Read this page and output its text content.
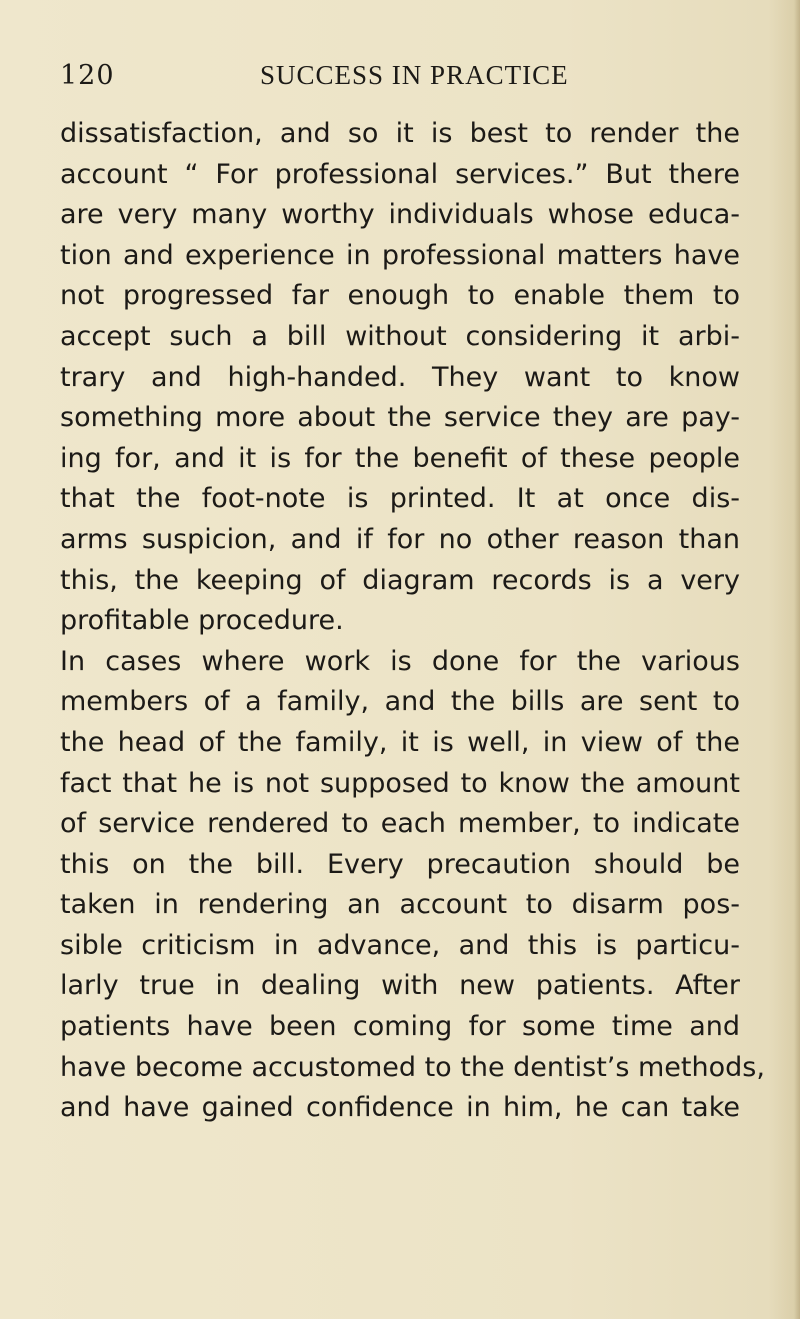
120	SUCCESS IN PRACTICE
dissatisfaction, and so it is best to render the
account “ For professional services.” But there
are very many worthy individuals whose educa-
tion and experience in professional matters have
not progressed far enough to enable them to
accept such a bill without considering it arbi-
trary and high-handed. They want to know
something more about the service they are pay-
ing for, and it is for the benefit of these people
that the foot-note is printed. It at once dis-
arms suspicion, and if for no other reason than
this, the keeping of diagram records is a very
profitable procedure.
In cases where work is done for the various
members of a family, and the bills are sent to
the head of the family, it is well, in view of the
fact that he is not supposed to know the amount
of service rendered to each member, to indicate
this on the bill. Every precaution should be
taken in rendering an account to disarm pos-
sible criticism in advance, and this is particu-
larly true in dealing with new patients. After
patients have been coming for some time and
have become accustomed to the dentist’s methods,
and have gained confidence in him, he can take
